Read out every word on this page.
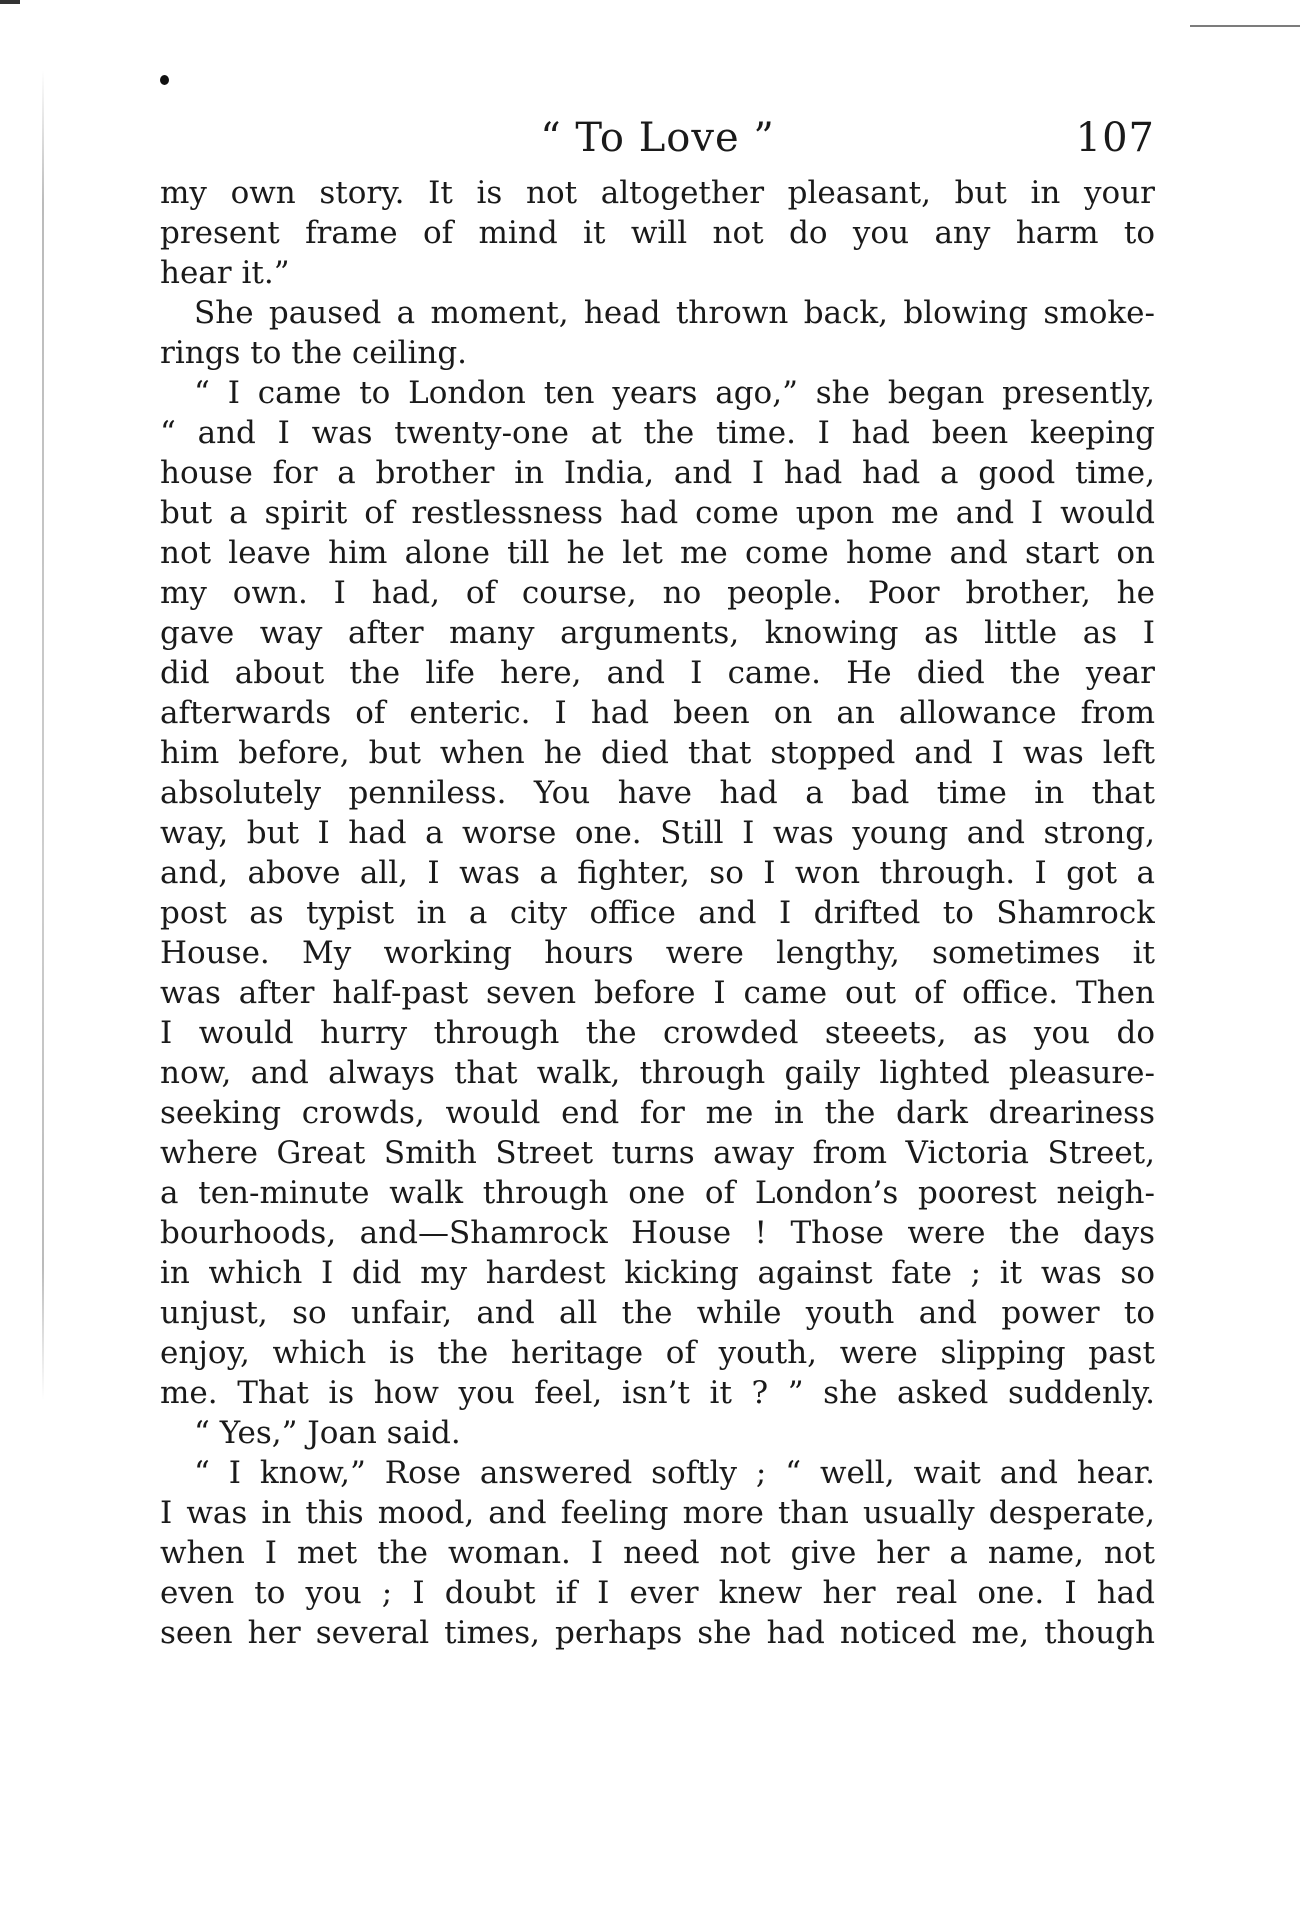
“ To Love ”	107
my own story. It is not altogether pleasant, but in your
present frame of mind it will not do you any harm to
hear it.”
She paused a moment, head thrown back, blowing smoke-
rings to the ceiling.
“ I came to London ten years ago,” she began presently,
“ and I was twenty-one at the time. I had been keeping
house for a brother in India, and I had had a good time,
but a spirit of restlessness had come upon me and I would
not leave him alone till he let me come home and start on
my own. I had, of course, no people. Poor brother, he
gave way after many arguments, knowing as little as I
did about the life here, and I came. He died the year
afterwards of enteric. I had been on an allowance from
him before, but when he died that stopped and I was left
absolutely penniless. You have had a bad time in that
way, but I had a worse one. Still I was young and strong,
and, above all, I was a fighter, so I won through. I got a
post as typist in a city office and I drifted to Shamrock
House. My working hours were lengthy, sometimes it
was after half-past seven before I came out of office. Then
I would hurry through the crowded steeets, as you do
now, and always that walk, through gaily lighted pleasure-
seeking crowds, would end for me in the dark dreariness
where Great Smith Street turns away from Victoria Street,
a ten-minute walk through one of London’s poorest neigh-
bourhoods, and—Shamrock House ! Those were the days
in which I did my hardest kicking against fate ; it was so
unjust, so unfair, and all the while youth and power to
enjoy, which is the heritage of youth, were slipping past
me. That is how you feel, isn’t it ? ” she asked suddenly.
“ Yes,” Joan said.
“ I know,” Rose answered softly ; “ well, wait and hear.
I was in this mood, and feeling more than usually desperate,
when I met the woman. I need not give her a name, not
even to you ; I doubt if I ever knew her real one. I had
seen her several times, perhaps she had noticed me, though
